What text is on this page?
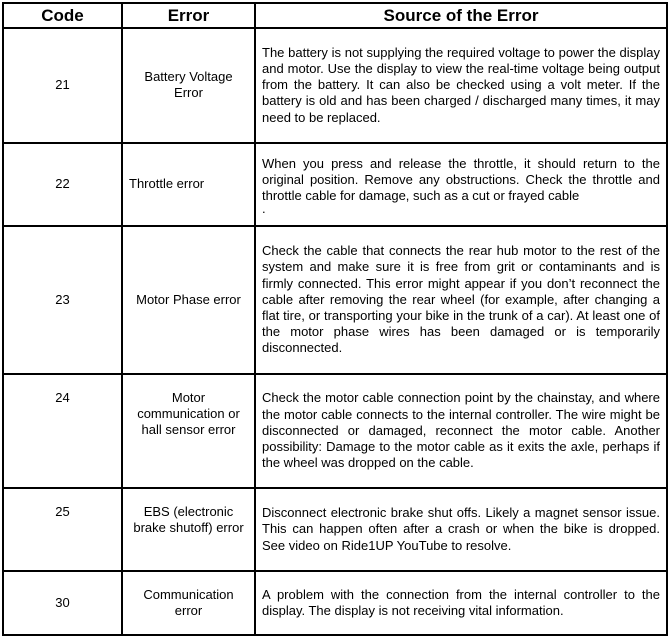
Code	Error	Source of the Error
21	Battery Voltage Error	The battery is not supplying the required voltage to power the display and motor. Use the display to view the real-time voltage being output from the battery. It can also be checked using a volt meter. If the battery is old and has been charged / discharged many times, it may need to be replaced.
22	Throttle error	When you press and release the throttle, it should return to the original position. Remove any obstructions. Check the throttle and throttle cable for damage, such as a cut or frayed cable
.

23	Motor Phase error	Check the cable that connects the rear hub motor to the rest of the system and make sure it is free from grit or contaminants and is firmly connected. This error might appear if you don’t reconnect the cable after removing the rear wheel (for example, after changing a flat tire, or transporting your bike in the trunk of a car). At least one of the motor phase wires has been damaged or is temporarily disconnected.
24	Motor communication or hall sensor error	Check the motor cable connection point by the chainstay, and where the motor cable connects to the internal controller. The wire might be disconnected or damaged, reconnect the motor cable. Another possibility: Damage to the motor cable as it exits the axle, perhaps if the wheel was dropped on the cable.
25	EBS (electronic brake shutoff) error	Disconnect electronic brake shut offs. Likely a magnet sensor issue. This can happen often after a crash or when the bike is dropped. See video on Ride1UP YouTube to resolve.
30	Communication error	A problem with the connection from the internal controller to the display. The display is not receiving vital information.
